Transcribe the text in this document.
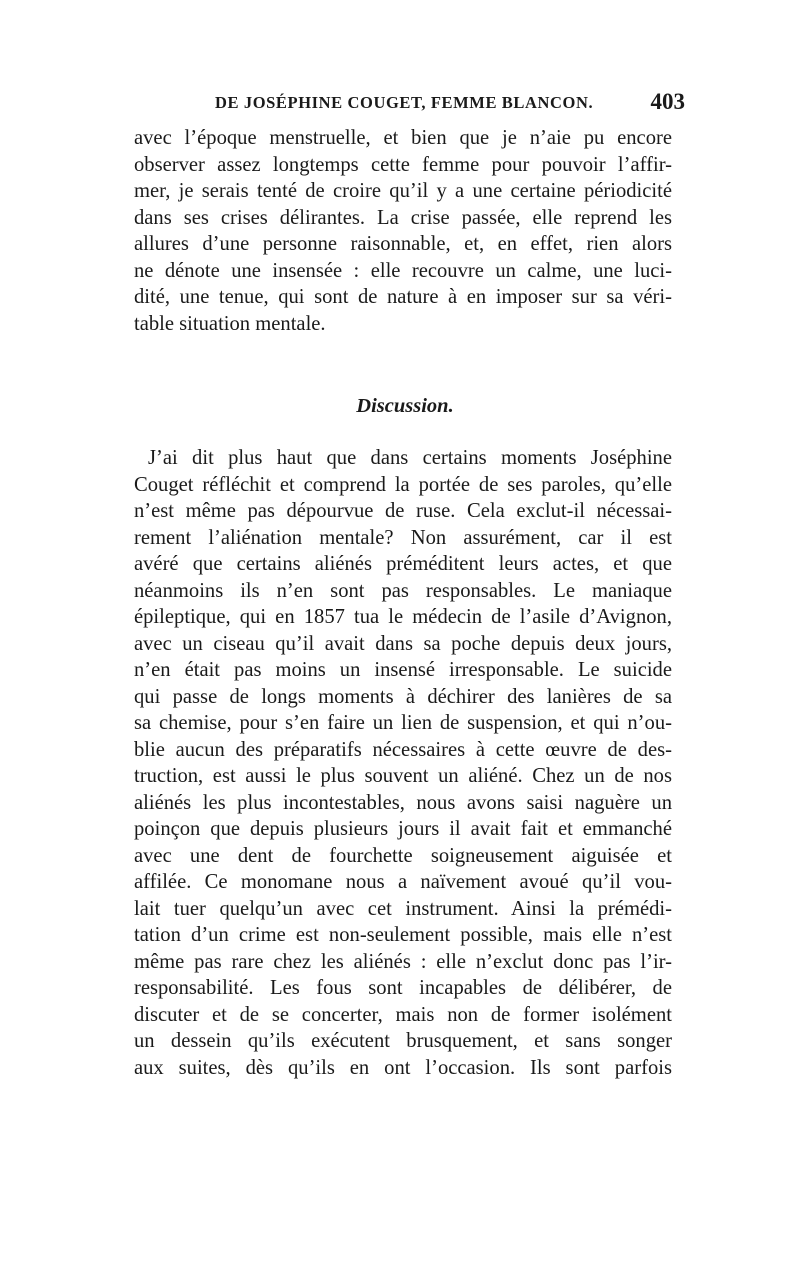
DE JOSÉPHINE COUGET, FEMME BLANCON. 403
avec l’époque menstruelle, et bien que je n’aie pu encore
observer assez longtemps cette femme pour pouvoir l’affir-
mer, je serais tenté de croire qu’il y a une certaine périodicité
dans ses crises délirantes. La crise passée, elle reprend les
allures d’une personne raisonnable, et, en effet, rien alors
ne dénote une insensée : elle recouvre un calme, une luci-
dité, une tenue, qui sont de nature à en imposer sur sa véri-
table situation mentale.
Discussion.
J’ai dit plus haut que dans certains moments Joséphine
Couget réfléchit et comprend la portée de ses paroles, qu’elle
n’est même pas dépourvue de ruse. Cela exclut-il nécessai-
rement l’aliénation mentale? Non assurément, car il est
avéré que certains aliénés préméditent leurs actes, et que
néanmoins ils n’en sont pas responsables. Le maniaque
épileptique, qui en 1857 tua le médecin de l’asile d’Avignon,
avec un ciseau qu’il avait dans sa poche depuis deux jours,
n’en était pas moins un insensé irresponsable. Le suicide
qui passe de longs moments à déchirer des lanières de sa
sa chemise, pour s’en faire un lien de suspension, et qui n’ou-
blie aucun des préparatifs nécessaires à cette œuvre de des-
truction, est aussi le plus souvent un aliéné. Chez un de nos
aliénés les plus incontestables, nous avons saisi naguère un
poinçon que depuis plusieurs jours il avait fait et emmanché
avec une dent de fourchette soigneusement aiguisée et
affilée. Ce monomane nous a naïvement avoué qu’il vou-
lait tuer quelqu’un avec cet instrument. Ainsi la prémédi-
tation d’un crime est non-seulement possible, mais elle n’est
même pas rare chez les aliénés : elle n’exclut donc pas l’ir-
responsabilité. Les fous sont incapables de délibérer, de
discuter et de se concerter, mais non de former isolément
un dessein qu’ils exécutent brusquement, et sans songer
aux suites, dès qu’ils en ont l’occasion. Ils sont parfois
